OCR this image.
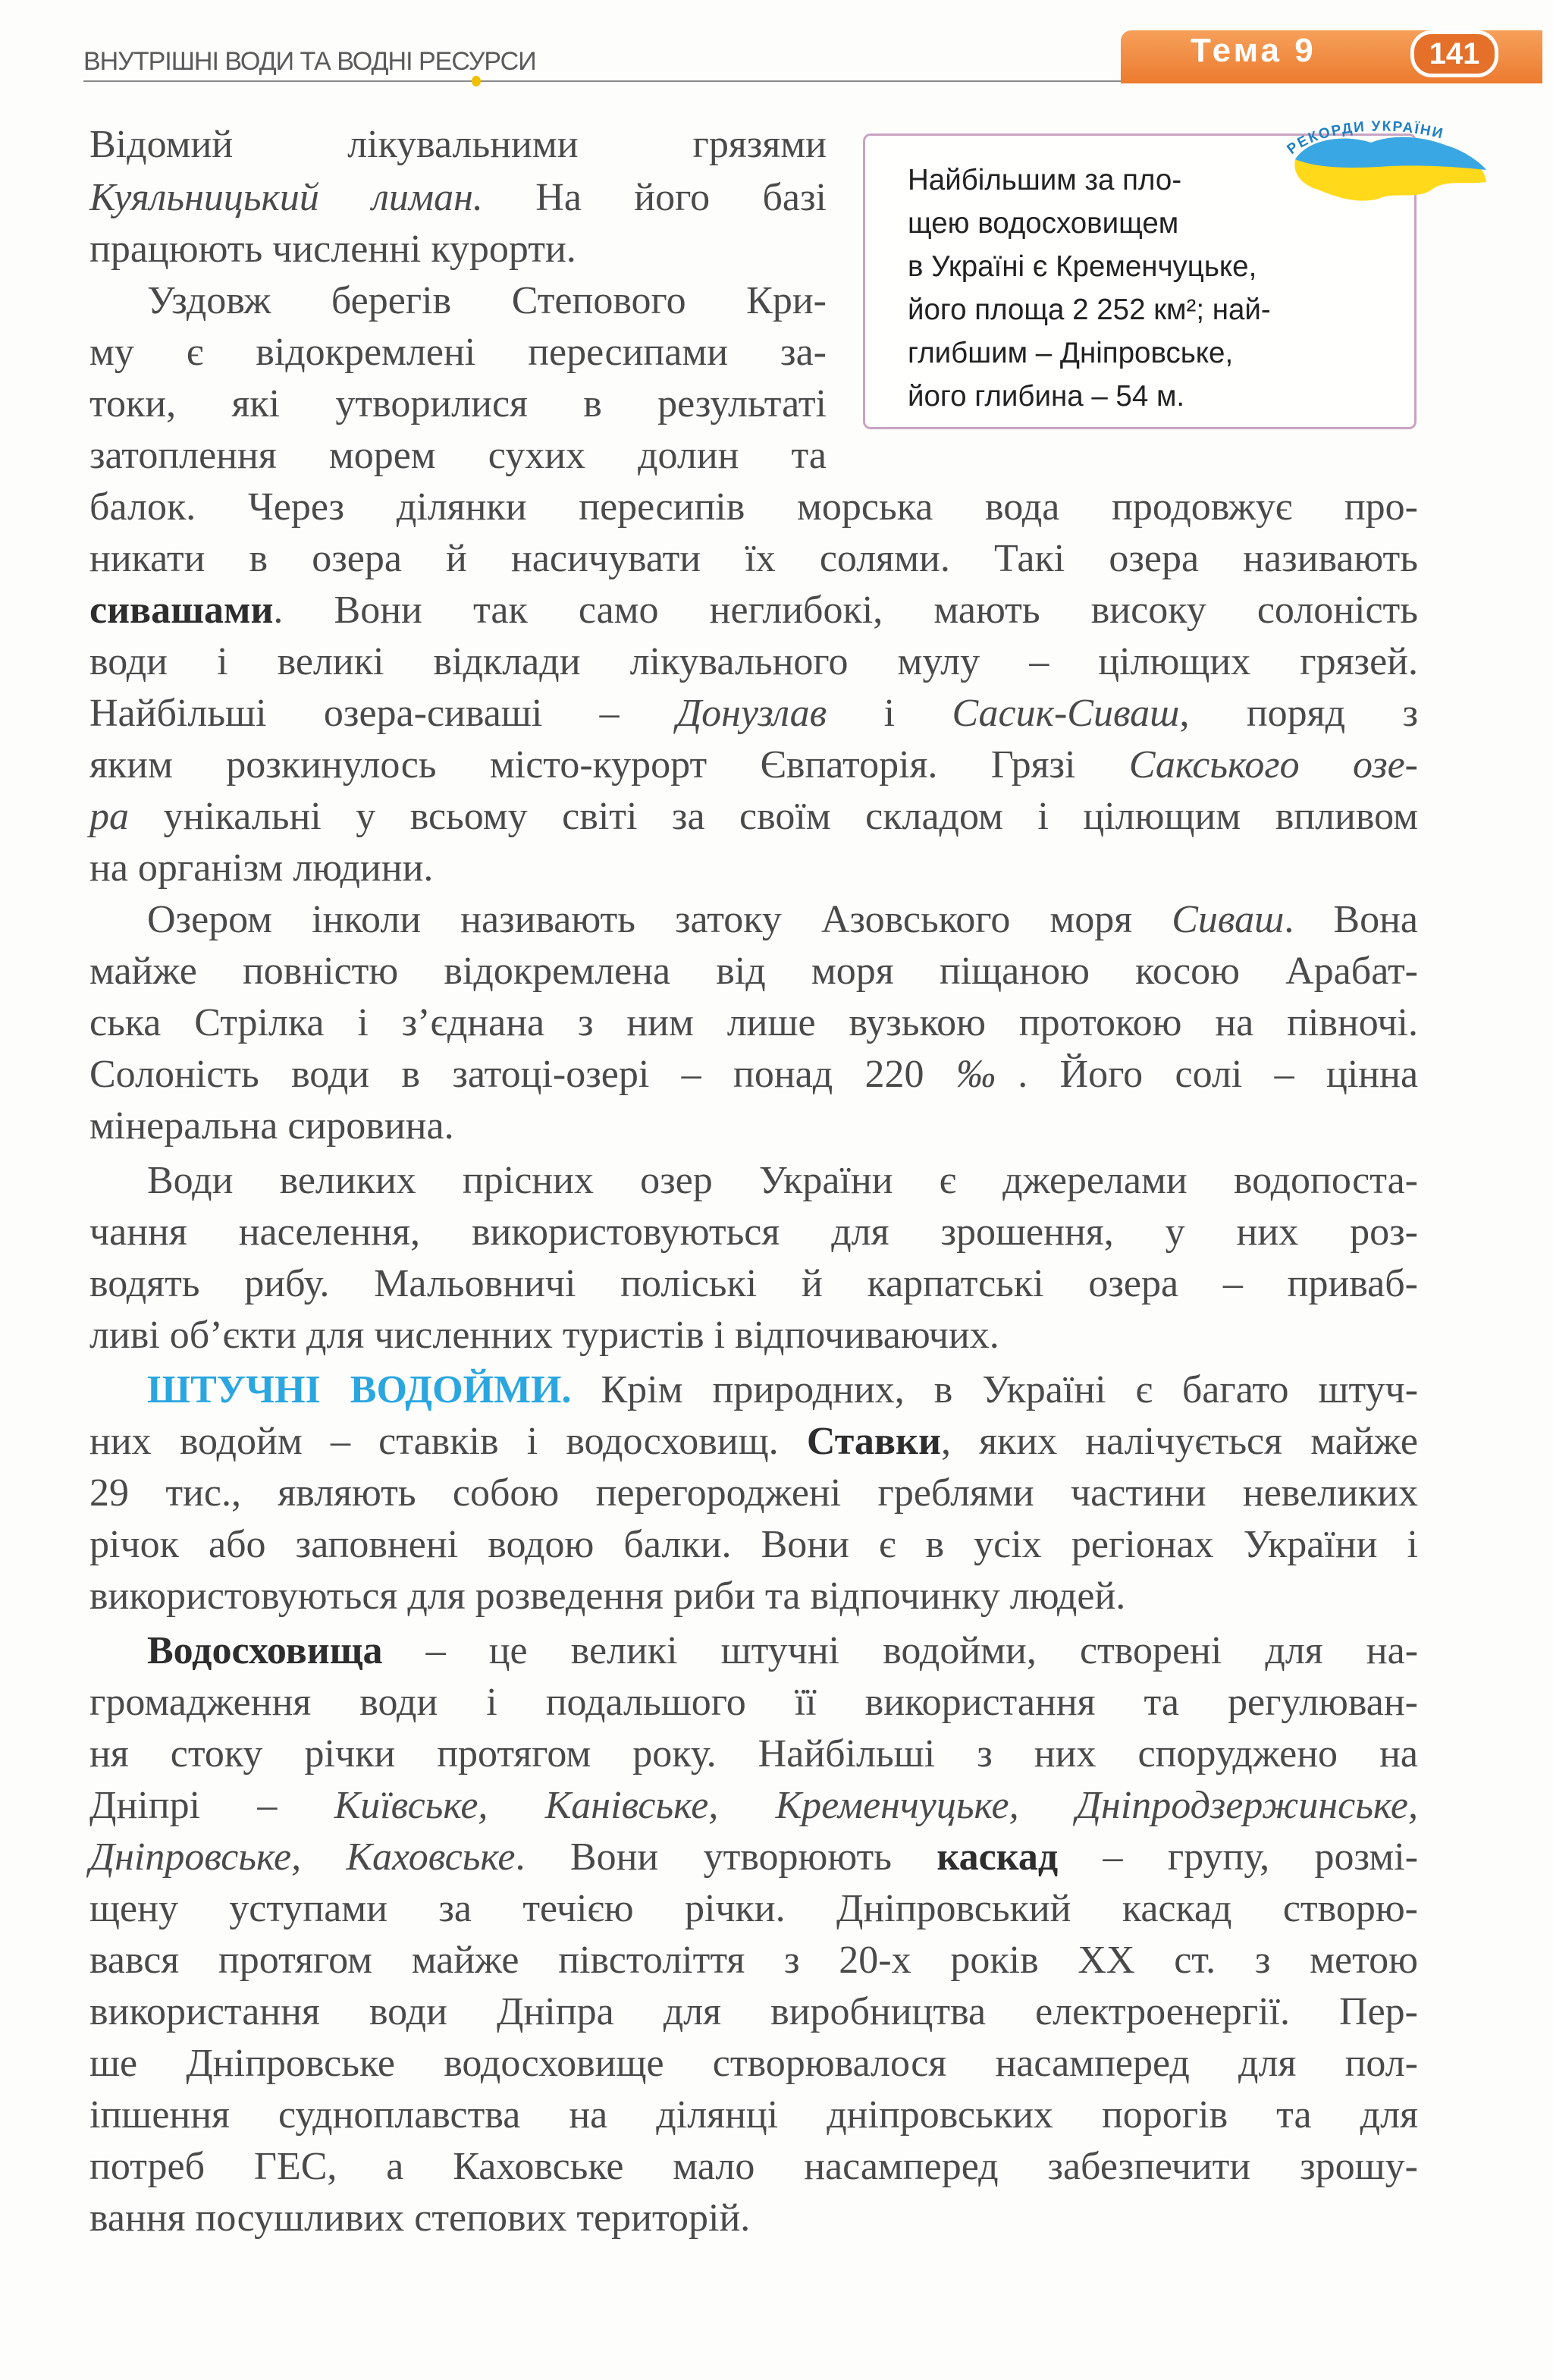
ВНУТРІШНІ ВОДИ ТА ВОДНІ РЕСУРСИ	Тема 9	141
Найбільшим за пло-
щею водосховищем
в Україні є Кременчуцьке,
його площа 2 252 км²; най-
глибшим – Дніпровське,
його глибина – 54 м.
РЕКОРДИ УКРАЇНИ
Відомий лікувальними грязями
Куяльницький лиман. На його базі
працюють численні курорти.
Уздовж берегів Степового Кри-
му є відокремлені пересипами за-
токи, які утворилися в результаті
затоплення морем сухих долин та
балок. Через ділянки пересипів морська вода продовжує про-
никати в озера й насичувати їх солями. Такі озера називають
сивашами. Вони так само неглибокі, мають високу солоність
води і великі відклади лікувального мулу – цілющих грязей.
Найбільші озера-сиваші – Донузлав і Сасик-Сиваш, поряд з
яким розкинулось місто-курорт Євпаторія. Грязі Сакського озе-
ра унікальні у всьому світі за своїм складом і цілющим впливом
на організм людини.
Озером інколи називають затоку Азовського моря Сиваш. Вона
майже повністю відокремлена від моря піщаною косою Арабат-
ська Стрілка і з’єднана з ним лише вузькою протокою на півночі.
Солоність води в затоці-озері – понад 220 ‰. Його солі – цінна
мінеральна сировина.
Води великих прісних озер України є джерелами водопоста-
чання населення, використовуються для зрошення, у них роз-
водять рибу. Мальовничі поліські й карпатські озера – приваб-
ливі об’єкти для численних туристів і відпочиваючих.
ШТУЧНІ ВОДОЙМИ. Крім природних, в Україні є багато штуч-
них водойм – ставків і водосховищ. Ставки, яких налічується майже
29 тис., являють собою перегороджені греблями частини невеликих
річок або заповнені водою балки. Вони є в усіх регіонах України і
використовуються для розведення риби та відпочинку людей.
Водосховища – це великі штучні водойми, створені для на-
громадження води і подальшого її використання та регулюван-
ня стоку річки протягом року. Найбільші з них споруджено на
Дніпрі – Київське, Канівське, Кременчуцьке, Дніпродзержинське,
Дніпровське, Каховське. Вони утворюють каскад – групу, розмі-
щену уступами за течією річки. Дніпровський каскад створю-
вався протягом майже півстоліття з 20-х років XX ст. з метою
використання води Дніпра для виробництва електроенергії. Пер-
ше Дніпровське водосховище створювалося насамперед для пол-
іпшення судноплавства на ділянці дніпровських порогів та для
потреб ГЕС, а Каховське мало насамперед забезпечити зрошу-
вання посушливих степових територій.
